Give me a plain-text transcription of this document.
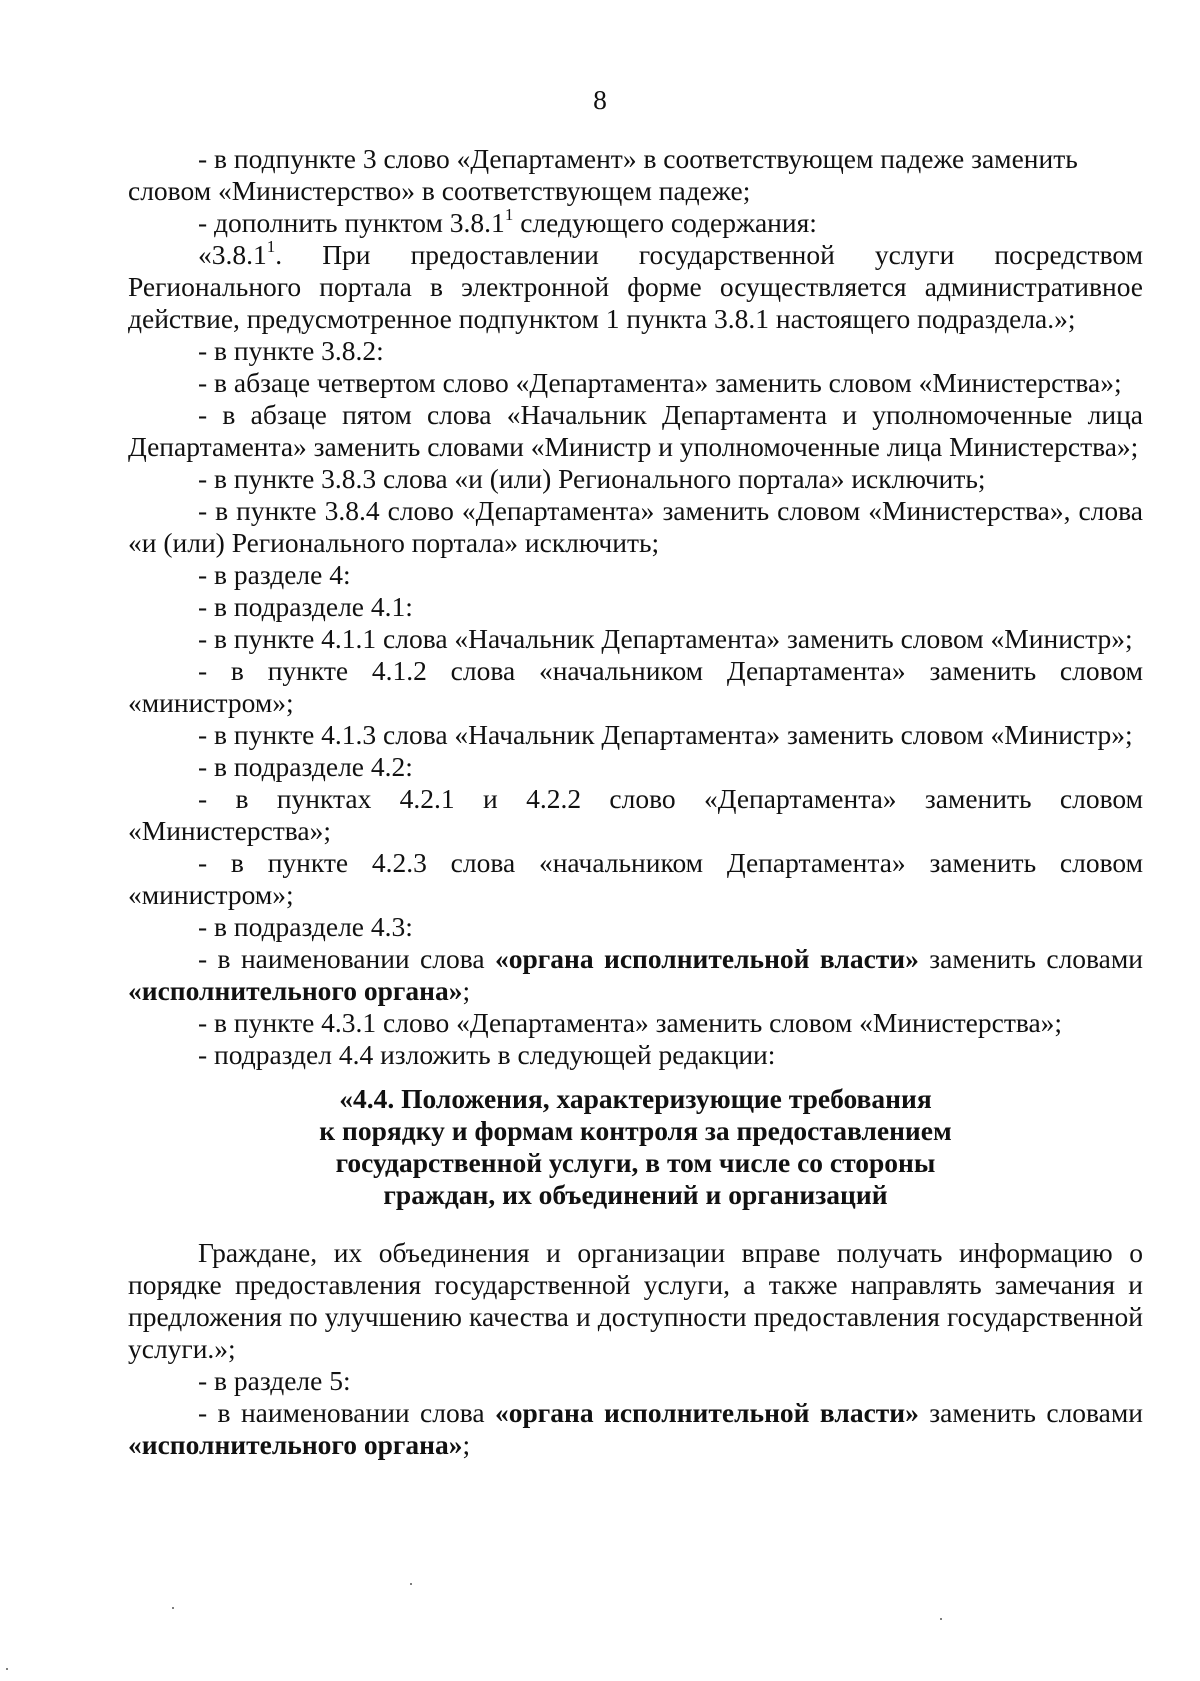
8

- в подпункте 3 слово «Департамент» в соответствующем падеже заменить

словом «Министерство» в соответствующем падеже;

- дополнить пунктом 3.8.1$^1$ следующего содержания:

«3.8.1$^1$. При предоставлении государственной услуги посредством Регионального портала в электронной форме осуществляется административное действие, предусмотренное подпунктом 1 пункта 3.8.1 настоящего подраздела.»;

- в пункте 3.8.2:

- в абзаце четвертом слово «Департамента» заменить словом «Министерства»;

- в абзаце пятом слова «Начальник Департамента и уполномоченные лица Департамента» заменить словами «Министр и уполномоченные лица Министерства»;

- в пункте 3.8.3 слова «и (или) Регионального портала» исключить;

- в пункте 3.8.4 слово «Департамента» заменить словом «Министерства», слова «и (или) Регионального портала» исключить;

- в разделе 4:

- в подразделе 4.1:

- в пункте 4.1.1 слова «Начальник Департамента» заменить словом «Министр»;

- в пункте 4.1.2 слова «начальником Департамента» заменить словом «министром»;

- в пункте 4.1.3 слова «Начальник Департамента» заменить словом «Министр»;

- в подразделе 4.2:

- в пунктах 4.2.1 и 4.2.2 слово «Департамента» заменить словом «Министерства»;

- в пункте 4.2.3 слова «начальником Департамента» заменить словом «министром»;

- в подразделе 4.3:

- в наименовании слова «органа исполнительной власти» заменить словами «исполнительного органа»;

- в пункте 4.3.1 слово «Департамента» заменить словом «Министерства»;

- подраздел 4.4 изложить в следующей редакции:

«4.4. Положения, характеризующие требования
к порядку и формам контроля за предоставлением
государственной услуги, в том числе со стороны
граждан, их объединений и организаций

Граждане, их объединения и организации вправе получать информацию о порядке предоставления государственной услуги, а также направлять замечания и предложения по улучшению качества и доступности предоставления государственной услуги.»;

- в разделе 5:

- в наименовании слова «органа исполнительной власти» заменить словами «исполнительного органа»;
